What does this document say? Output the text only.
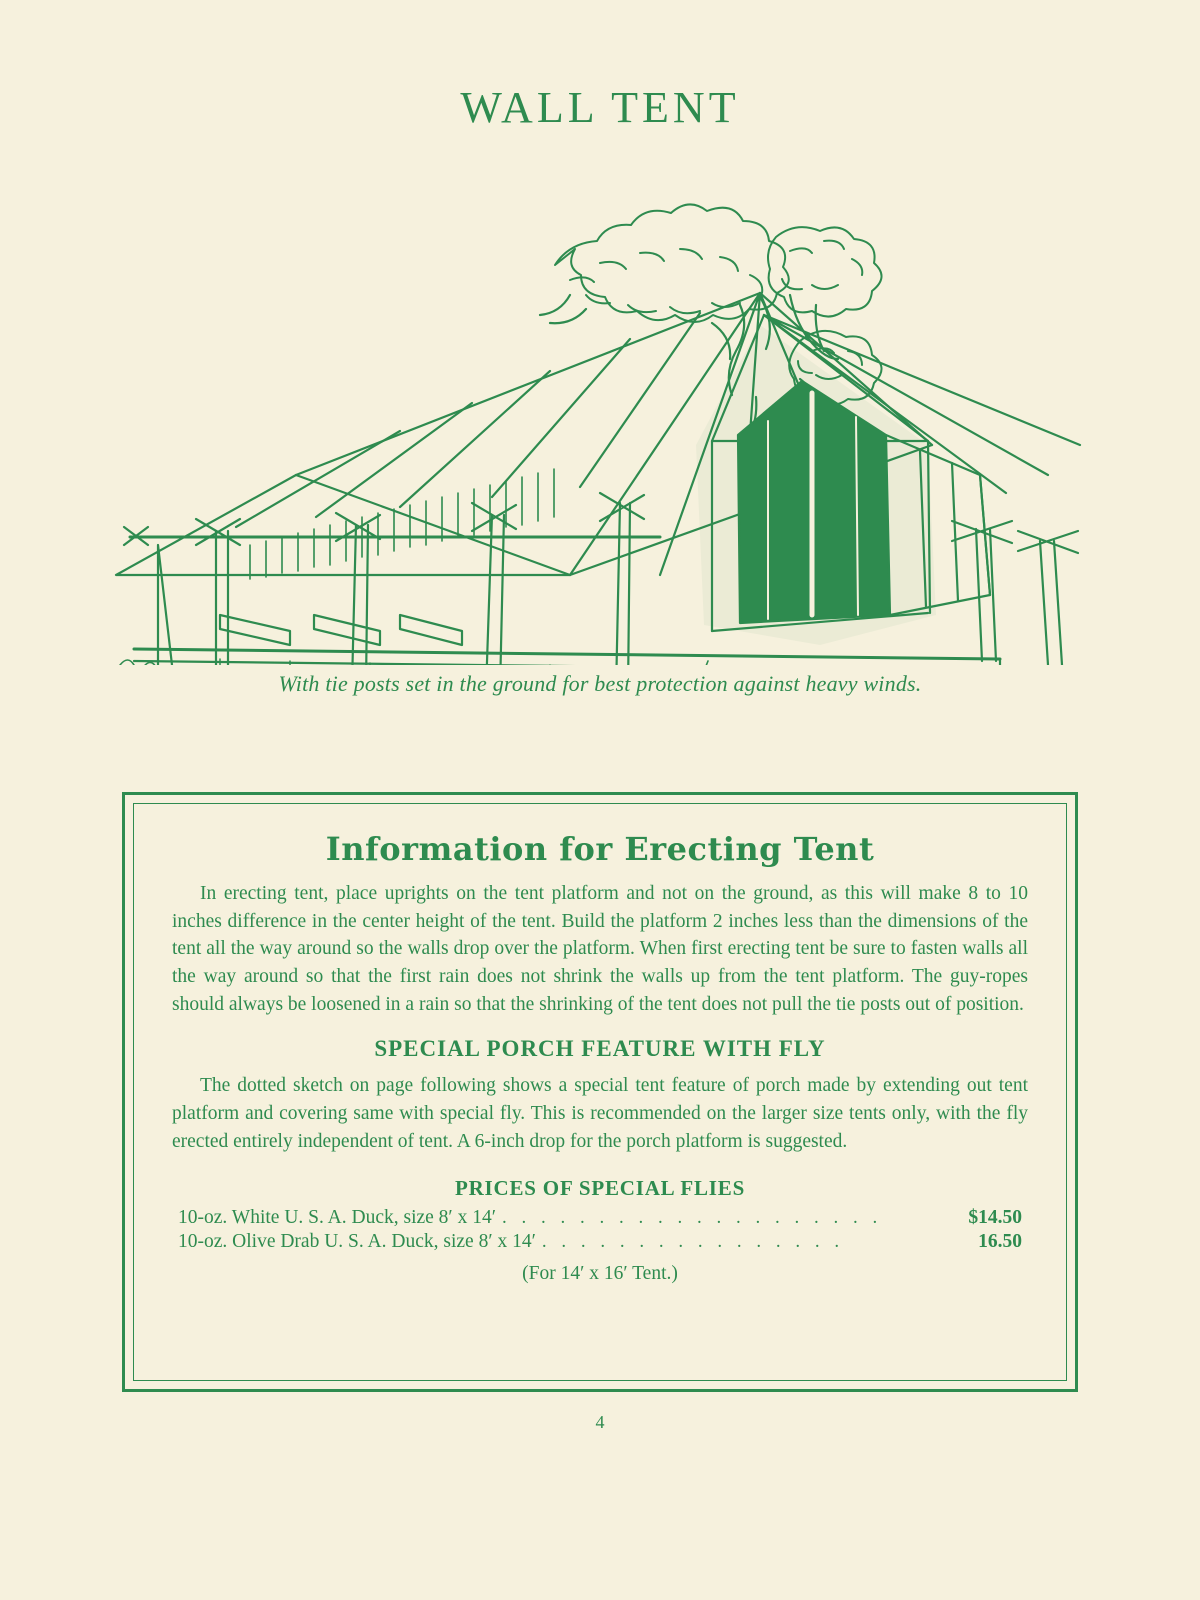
WALL TENT
With tie posts set in the ground for best protection against heavy winds.
Information for Erecting Tent

In erecting tent, place uprights on the tent platform and not on the ground, as this will make 8 to 10 inches difference in the center height of the tent. Build the platform 2 inches less than the dimensions of the tent all the way around so the walls drop over the platform. When first erecting tent be sure to fasten walls all the way around so that the first rain does not shrink the walls up from the tent platform. The guy-ropes should always be loosened in a rain so that the shrinking of the tent does not pull the tie posts out of position.

SPECIAL PORCH FEATURE WITH FLY

The dotted sketch on page following shows a special tent feature of porch made by extending out tent platform and covering same with special fly. This is recommended on the larger size tents only, with the fly erected entirely independent of tent. A 6-inch drop for the porch platform is suggested.

PRICES OF SPECIAL FLIES
10-oz. White U. S. A. Duck, size 8′ x 14′ . . . . . . . . . . . . . . . . . . . .	$14.50
10-oz. Olive Drab U. S. A. Duck, size 8′ x 14′ . . . . . . . . . . . . . . . .	16.50
(For 14′ x 16′ Tent.)
4
